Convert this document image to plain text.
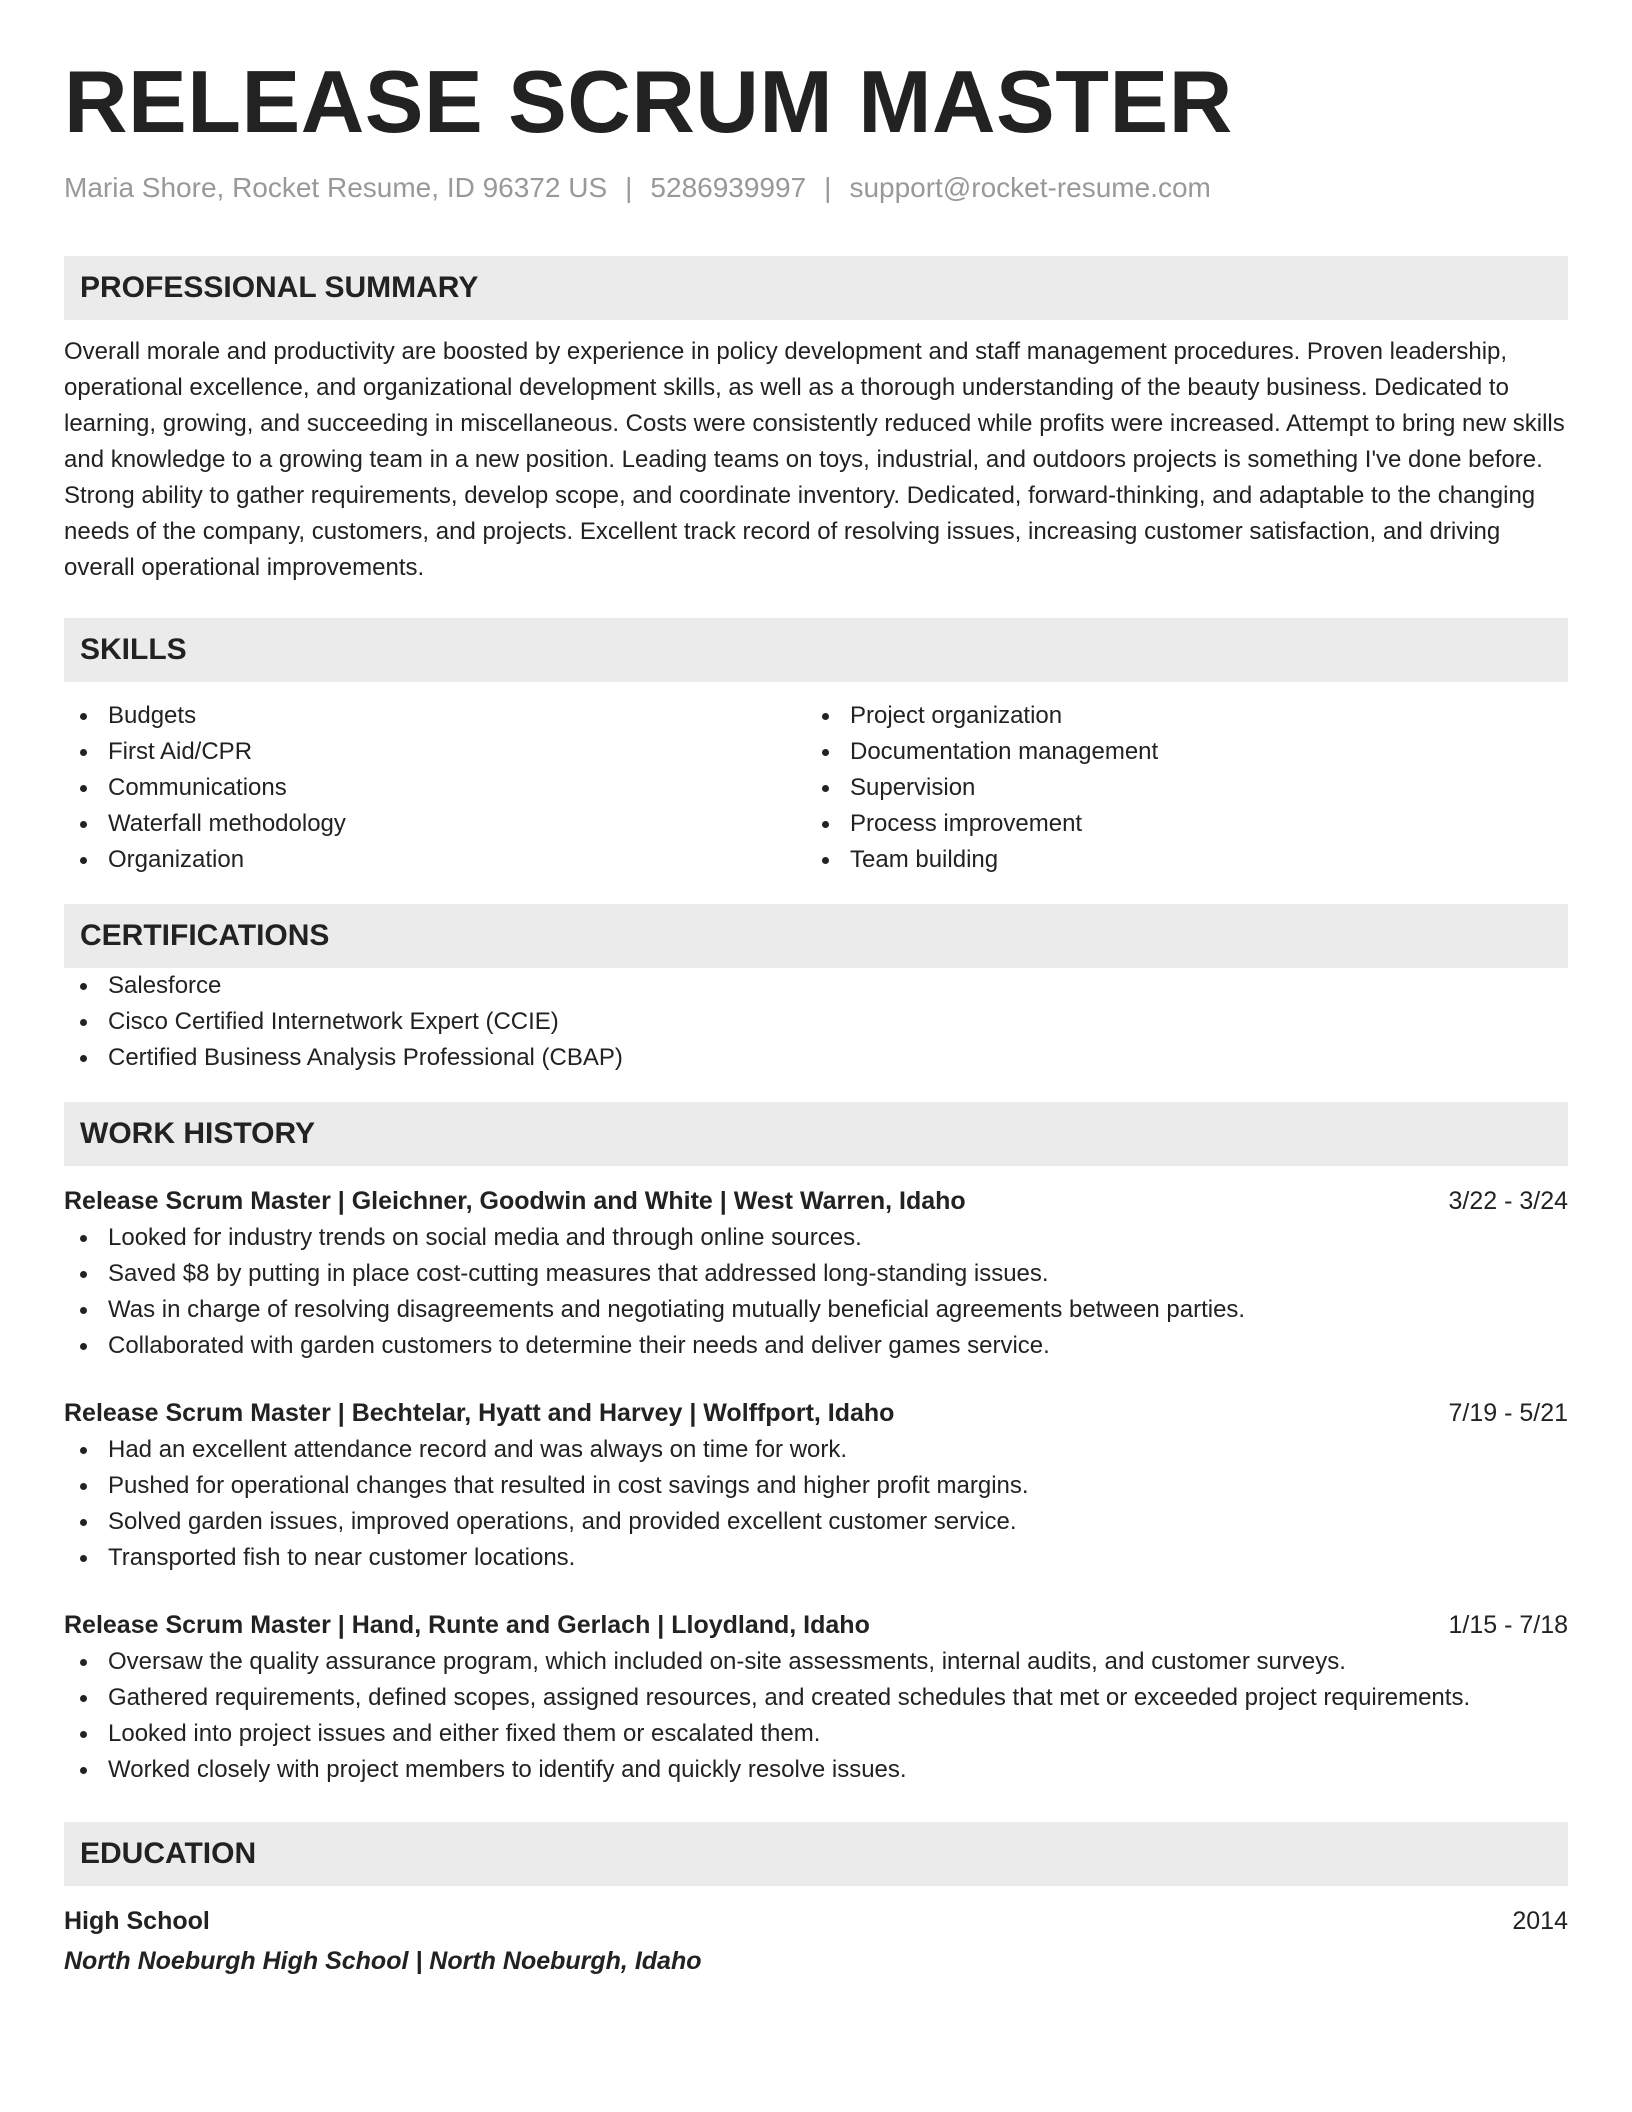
RELEASE SCRUM MASTER
Maria Shore, Rocket Resume, ID 96372 US | 5286939997 | support@rocket-resume.com
PROFESSIONAL SUMMARY
Overall morale and productivity are boosted by experience in policy development and staff management procedures. Proven leadership, operational excellence, and organizational development skills, as well as a thorough understanding of the beauty business. Dedicated to learning, growing, and succeeding in miscellaneous. Costs were consistently reduced while profits were increased. Attempt to bring new skills and knowledge to a growing team in a new position. Leading teams on toys, industrial, and outdoors projects is something I've done before. Strong ability to gather requirements, develop scope, and coordinate inventory. Dedicated, forward-thinking, and adaptable to the changing needs of the company, customers, and projects. Excellent track record of resolving issues, increasing customer satisfaction, and driving overall operational improvements.
SKILLS
Budgets
First Aid/CPR
Communications
Waterfall methodology
Organization
Project organization
Documentation management
Supervision
Process improvement
Team building
CERTIFICATIONS
Salesforce
Cisco Certified Internetwork Expert (CCIE)
Certified Business Analysis Professional (CBAP)
WORK HISTORY
Release Scrum Master | Gleichner, Goodwin and White | West Warren, Idaho	3/22 - 3/24
Looked for industry trends on social media and through online sources.
Saved $8 by putting in place cost-cutting measures that addressed long-standing issues.
Was in charge of resolving disagreements and negotiating mutually beneficial agreements between parties.
Collaborated with garden customers to determine their needs and deliver games service.
Release Scrum Master | Bechtelar, Hyatt and Harvey | Wolffport, Idaho	7/19 - 5/21
Had an excellent attendance record and was always on time for work.
Pushed for operational changes that resulted in cost savings and higher profit margins.
Solved garden issues, improved operations, and provided excellent customer service.
Transported fish to near customer locations.
Release Scrum Master | Hand, Runte and Gerlach | Lloydland, Idaho	1/15 - 7/18
Oversaw the quality assurance program, which included on-site assessments, internal audits, and customer surveys.
Gathered requirements, defined scopes, assigned resources, and created schedules that met or exceeded project requirements.
Looked into project issues and either fixed them or escalated them.
Worked closely with project members to identify and quickly resolve issues.
EDUCATION
High School	2014
North Noeburgh High School | North Noeburgh, Idaho
